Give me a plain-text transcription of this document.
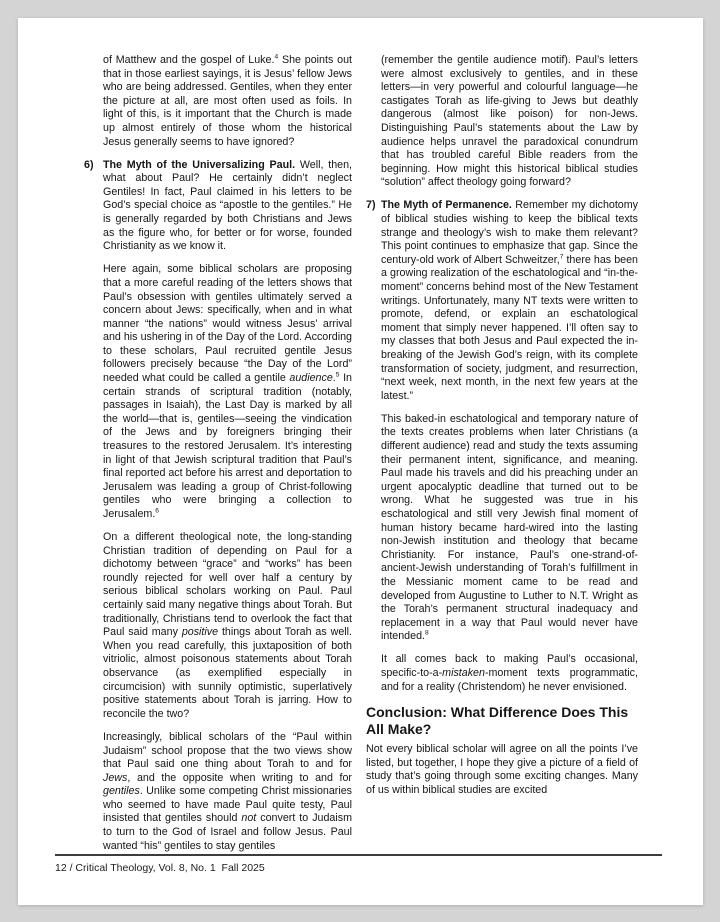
of Matthew and the gospel of Luke.$^4$ She points out that in those earliest sayings, it is Jesus’ fellow Jews who are being addressed. Gentiles, when they enter the picture at all, are most often used as foils. In light of this, is it important that the Church is made up almost entirely of those whom the historical Jesus generally seems to have ignored?

6) The Myth of the Universalizing Paul. Well, then, what about Paul? He certainly didn’t neglect Gentiles! In fact, Paul claimed in his letters to be God’s special choice as “apostle to the gentiles.” He is generally regarded by both Christians and Jews as the figure who, for better or for worse, founded Christianity as we know it.

Here again, some biblical scholars are proposing that a more careful reading of the letters shows that Paul’s obsession with gentiles ultimately served a concern about Jews: specifically, when and in what manner “the nations” would witness Jesus’ arrival and his ushering in of the Day of the Lord. According to these scholars, Paul recruited gentile Jesus followers precisely because “the Day of the Lord” needed what could be called a gentile audience.$^5$ In certain strands of scriptural tradition (notably, passages in Isaiah), the Last Day is marked by all the world—that is, gentiles—seeing the vindication of the Jews and by foreigners bringing their treasures to the restored Jerusalem. It’s interesting in light of that Jewish scriptural tradition that Paul’s final reported act before his arrest and deportation to Jerusalem was leading a group of Christ-following gentiles who were bringing a collection to Jerusalem.$^6$

On a different theological note, the long-standing Christian tradition of depending on Paul for a dichotomy between “grace” and “works” has been roundly rejected for well over half a century by serious biblical scholars working on Paul. Paul certainly said many negative things about Torah. But traditionally, Christians tend to overlook the fact that Paul said many positive things about Torah as well. When you read carefully, this juxtaposition of both vitriolic, almost poisonous statements about Torah observance (as exemplified especially in circumcision) with sunnily optimistic, superlatively positive statements about Torah is jarring. How to reconcile the two?

Increasingly, biblical scholars of the “Paul within Judaism” school propose that the two views show that Paul said one thing about Torah to and for Jews, and the opposite when writing to and for gentiles. Unlike some competing Christ missionaries who seemed to have made Paul quite testy, Paul insisted that gentiles should not convert to Judaism to turn to the God of Israel and follow Jesus. Paul wanted “his” gentiles to stay gentiles

(remember the gentile audience motif). Paul’s letters were almost exclusively to gentiles, and in these letters—in very powerful and colourful language—he castigates Torah as life-giving to Jews but deathly dangerous (almost like poison) for non-Jews. Distinguishing Paul’s statements about the Law by audience helps unravel the paradoxical conundrum that has troubled careful Bible readers from the beginning. How might this historical biblical studies “solution” affect theology going forward?

7) The Myth of Permanence. Remember my dichotomy of biblical studies wishing to keep the biblical texts strange and theology’s wish to make them relevant? This point continues to emphasize that gap. Since the century-old work of Albert Schweitzer,$^7$ there has been a growing realization of the eschatological and “in-the-moment” concerns behind most of the New Testament writings. Unfortunately, many NT texts were written to promote, defend, or explain an eschatological moment that simply never happened. I’ll often say to my classes that both Jesus and Paul expected the in-breaking of the Jewish God’s reign, with its complete transformation of society, judgment, and resurrection, “next week, next month, in the next few years at the latest.”

This baked-in eschatological and temporary nature of the texts creates problems when later Christians (a different audience) read and study the texts assuming their permanent intent, significance, and meaning. Paul made his travels and did his preaching under an urgent apocalyptic deadline that turned out to be wrong. What he suggested was true in his eschatological and still very Jewish final moment of human history became hard-wired into the lasting non-Jewish institution and theology that became Christianity. For instance, Paul’s one-strand-of-ancient-Jewish understanding of Torah’s fulfillment in the Messianic moment came to be read and developed from Augustine to Luther to N.T. Wright as the Torah’s permanent structural inadequacy and replacement in a way that Paul would never have intended.$^8$

It all comes back to making Paul’s occasional, specific-to-a-mistaken-moment texts programmatic, and for a reality (Christendom) he never envisioned.

Conclusion: What Difference Does This All Make?

Not every biblical scholar will agree on all the points I’ve listed, but together, I hope they give a picture of a field of study that’s going through some exciting changes. Many of us within biblical studies are excited

12 / Critical Theology, Vol. 8, No. 1  Fall 2025
